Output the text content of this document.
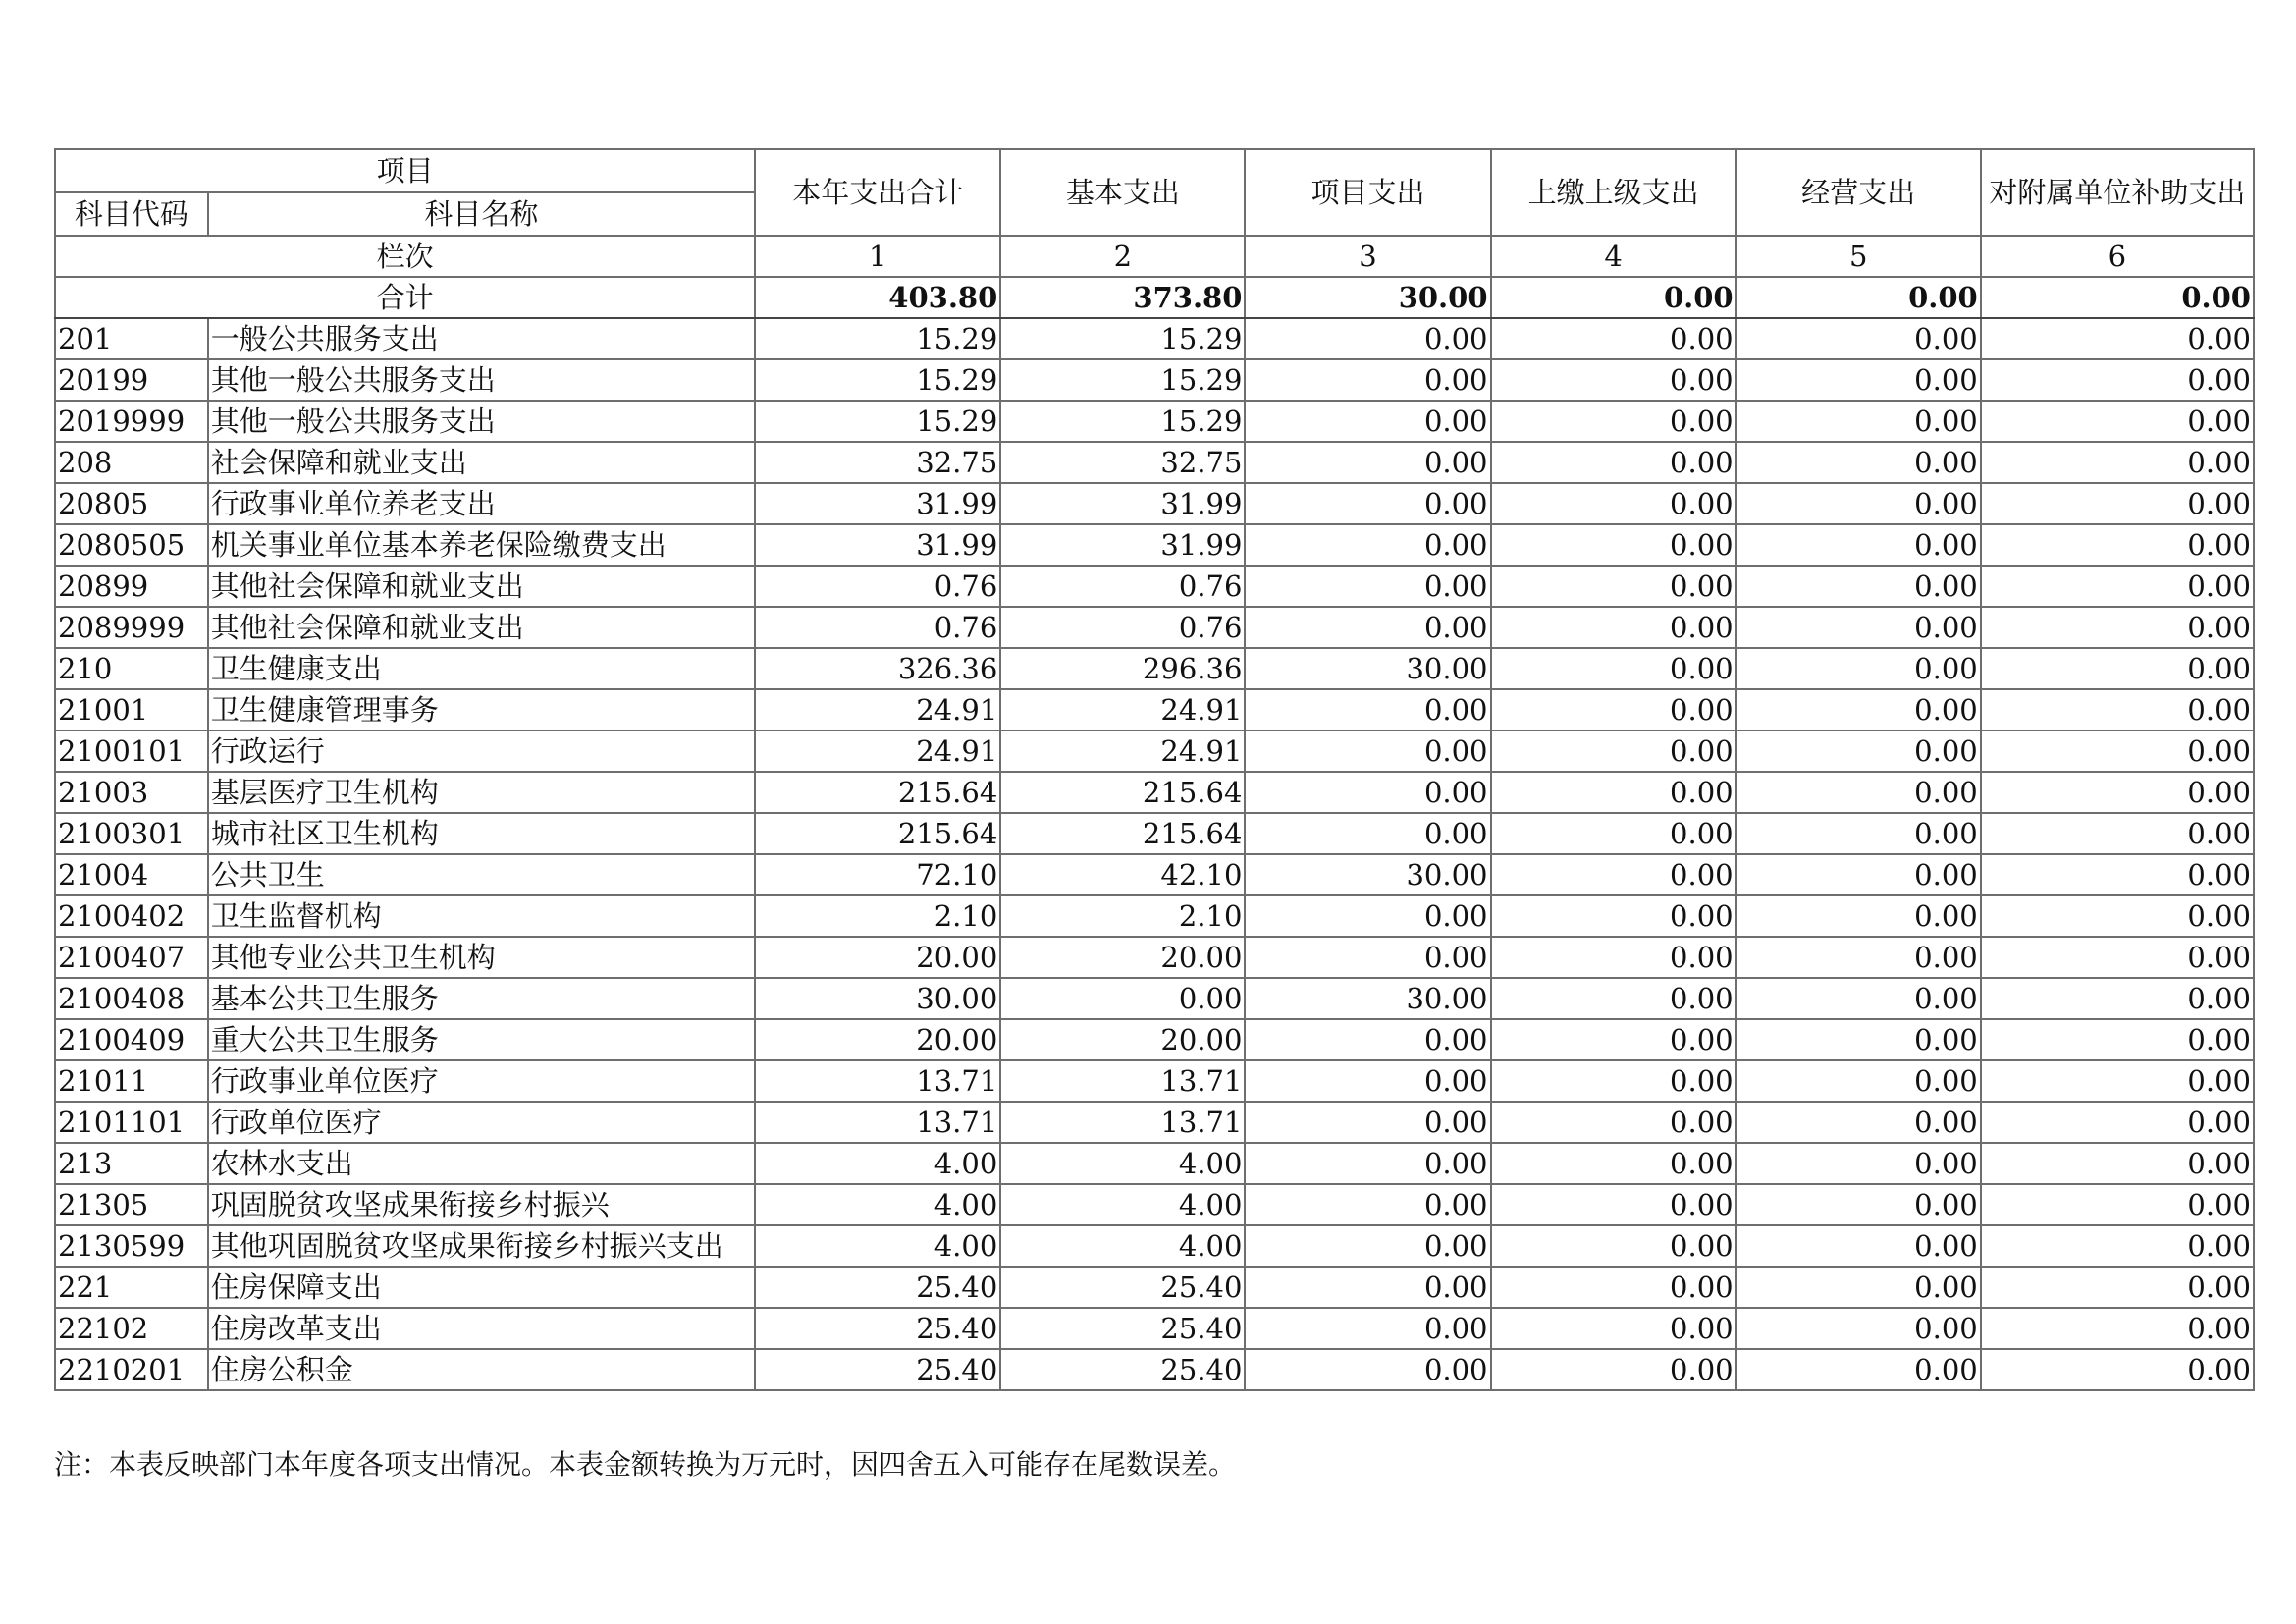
项目		本年支出合计	基本支出	项目支出	上缴上级支出	经营支出	对附属单位补助支出
科目代码	科目名称						
栏次		1	2	3	4	5	6
合计		403.80	373.80	30.00	0.00	0.00	0.00
201	一般公共服务支出	15.29	15.29	0.00	0.00	0.00	0.00
20199	其他一般公共服务支出	15.29	15.29	0.00	0.00	0.00	0.00
2019999	其他一般公共服务支出	15.29	15.29	0.00	0.00	0.00	0.00
208	社会保障和就业支出	32.75	32.75	0.00	0.00	0.00	0.00
20805	行政事业单位养老支出	31.99	31.99	0.00	0.00	0.00	0.00
2080505	机关事业单位基本养老保险缴费支出	31.99	31.99	0.00	0.00	0.00	0.00
20899	其他社会保障和就业支出	0.76	0.76	0.00	0.00	0.00	0.00
2089999	其他社会保障和就业支出	0.76	0.76	0.00	0.00	0.00	0.00
210	卫生健康支出	326.36	296.36	30.00	0.00	0.00	0.00
21001	卫生健康管理事务	24.91	24.91	0.00	0.00	0.00	0.00
2100101	行政运行	24.91	24.91	0.00	0.00	0.00	0.00
21003	基层医疗卫生机构	215.64	215.64	0.00	0.00	0.00	0.00
2100301	城市社区卫生机构	215.64	215.64	0.00	0.00	0.00	0.00
21004	公共卫生	72.10	42.10	30.00	0.00	0.00	0.00
2100402	卫生监督机构	2.10	2.10	0.00	0.00	0.00	0.00
2100407	其他专业公共卫生机构	20.00	20.00	0.00	0.00	0.00	0.00
2100408	基本公共卫生服务	30.00	0.00	30.00	0.00	0.00	0.00
2100409	重大公共卫生服务	20.00	20.00	0.00	0.00	0.00	0.00
21011	行政事业单位医疗	13.71	13.71	0.00	0.00	0.00	0.00
2101101	行政单位医疗	13.71	13.71	0.00	0.00	0.00	0.00
213	农林水支出	4.00	4.00	0.00	0.00	0.00	0.00
21305	巩固脱贫攻坚成果衔接乡村振兴	4.00	4.00	0.00	0.00	0.00	0.00
2130599	其他巩固脱贫攻坚成果衔接乡村振兴支出	4.00	4.00	0.00	0.00	0.00	0.00
221	住房保障支出	25.40	25.40	0.00	0.00	0.00	0.00
22102	住房改革支出	25.40	25.40	0.00	0.00	0.00	0.00
2210201	住房公积金	25.40	25.40	0.00	0.00	0.00	0.00
注：本表反映部门本年度各项支出情况。本表金额转换为万元时，因四舍五入可能存在尾数误差。
